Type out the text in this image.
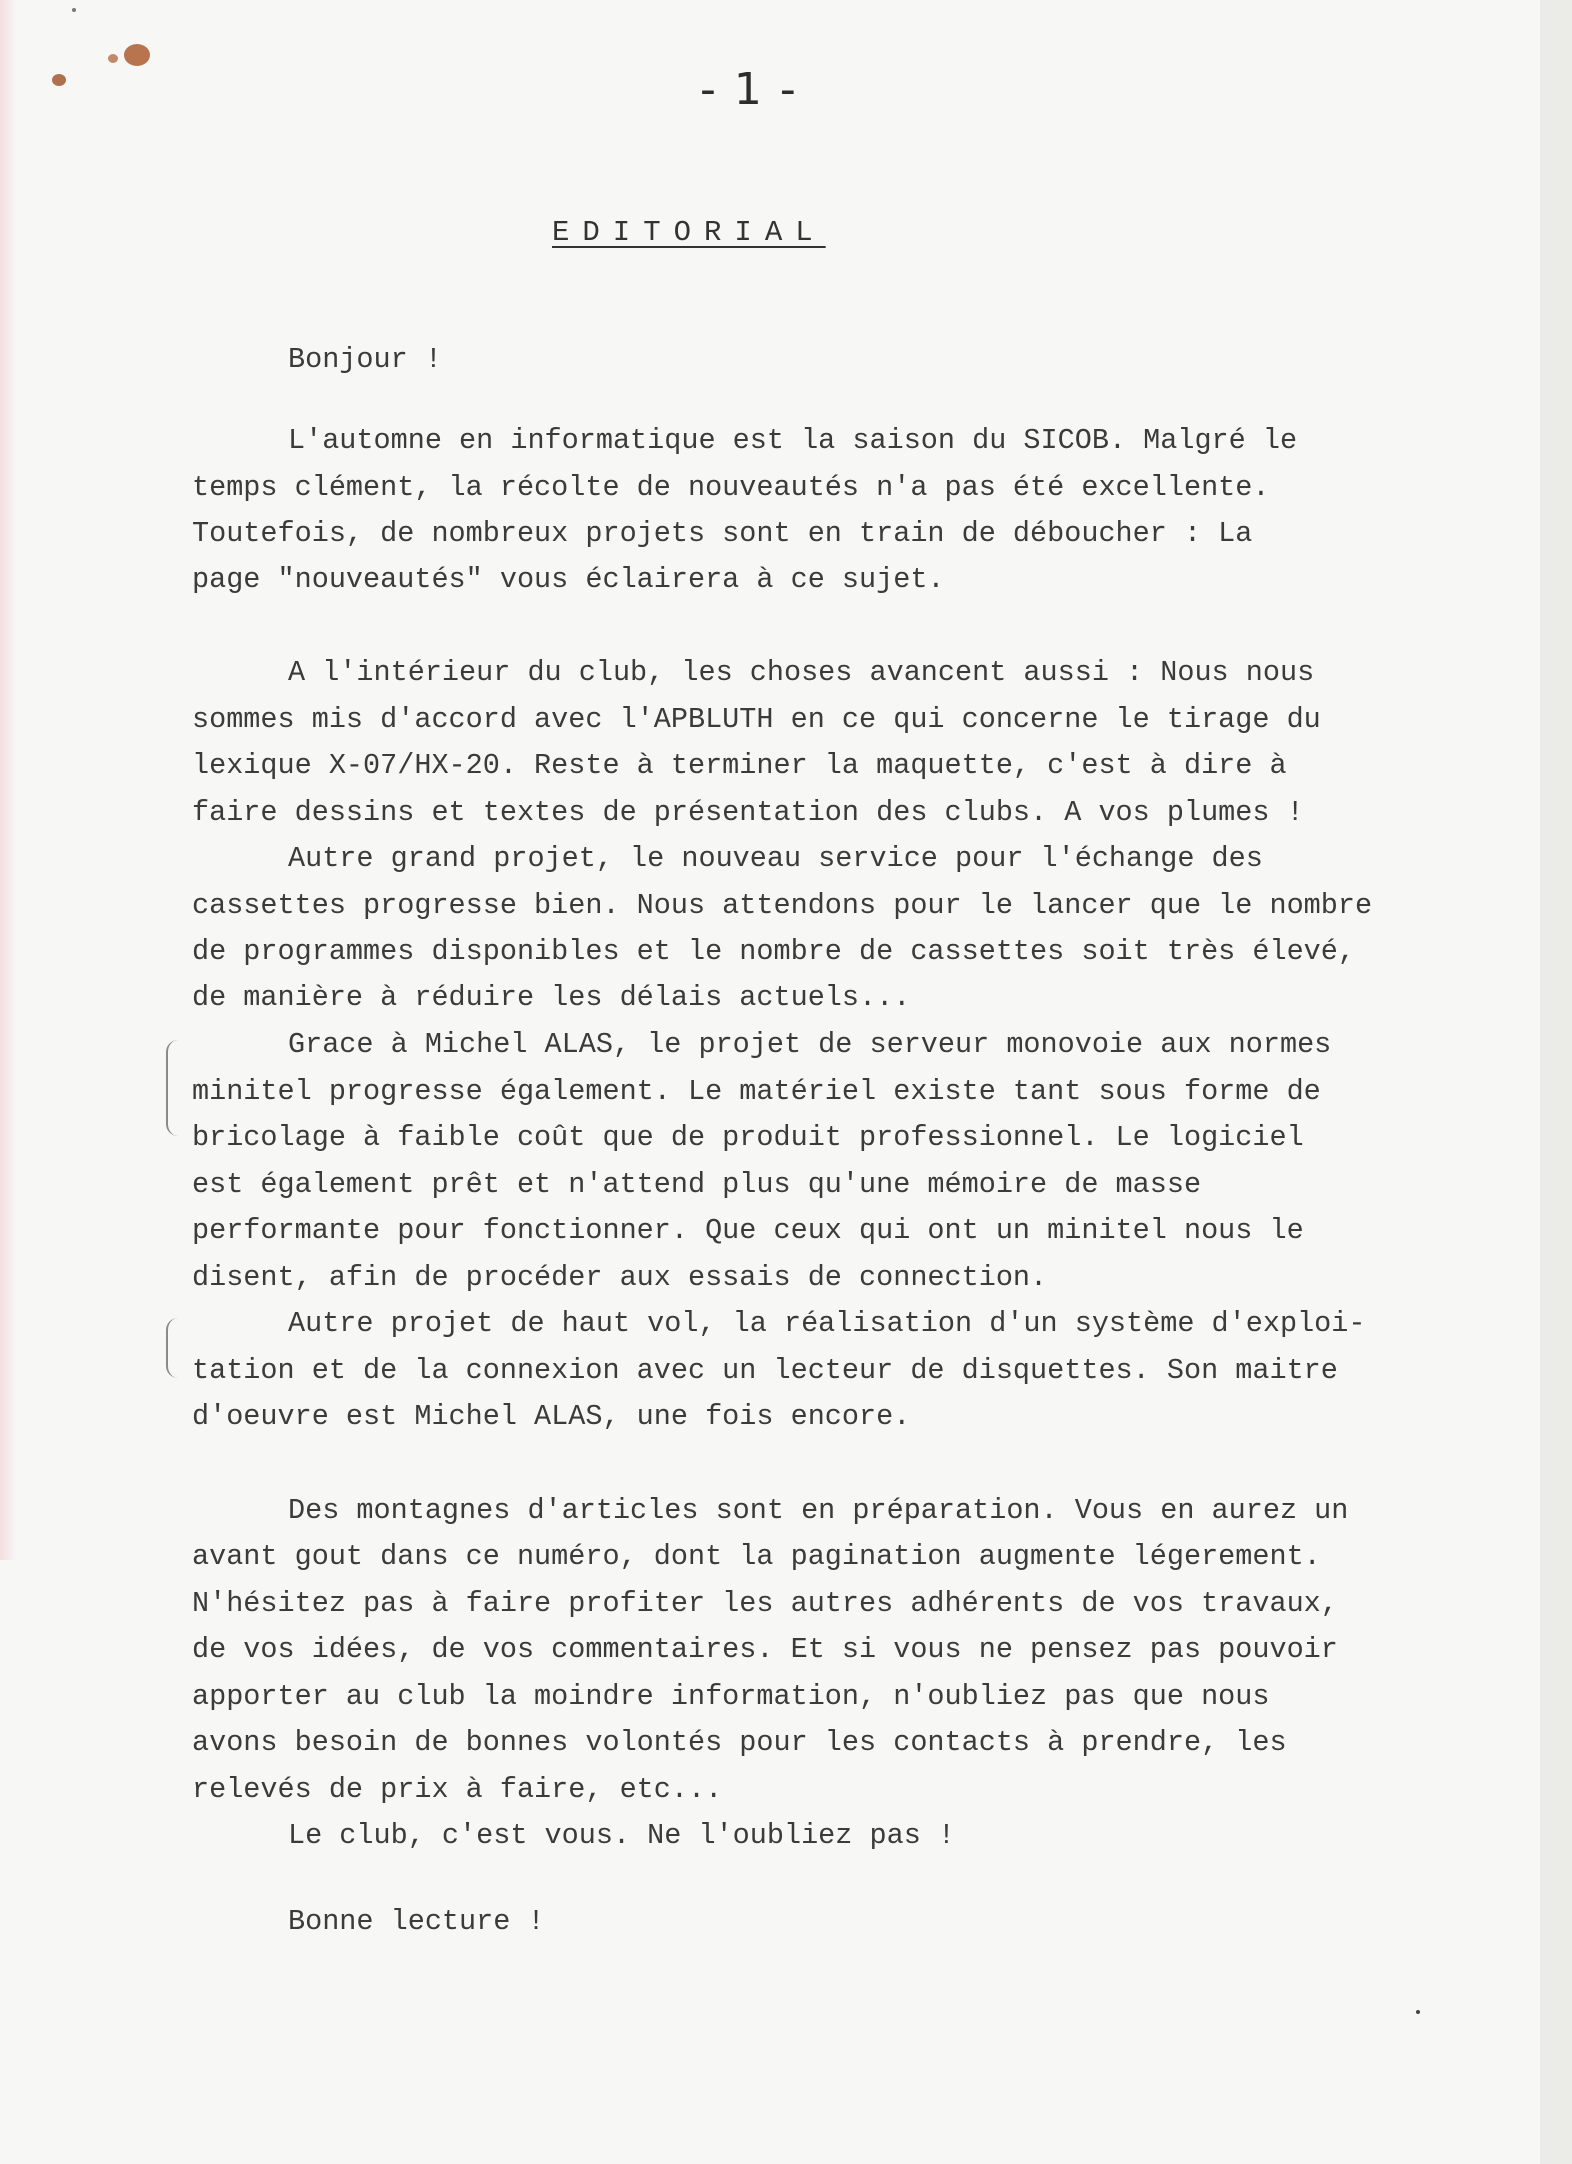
- 1 -
EDITORIAL
Bonjour !
L'automne en informatique est la saison du SICOB. Malgré le
temps clément, la récolte de nouveautés n'a pas été excellente.
Toutefois, de nombreux projets sont en train de déboucher : La
page "nouveautés" vous éclairera à ce sujet.
A l'intérieur du club, les choses avancent aussi : Nous nous
sommes mis d'accord avec l'APBLUTH en ce qui concerne le tirage du
lexique X-07/HX-20. Reste à terminer la maquette, c'est à dire à
faire dessins et textes de présentation des clubs. A vos plumes !
Autre grand projet, le nouveau service pour l'échange des
cassettes progresse bien. Nous attendons pour le lancer que le nombre
de programmes disponibles et le nombre de cassettes soit très élevé,
de manière à réduire les délais actuels...
Grace à Michel ALAS, le projet de serveur monovoie aux normes
minitel progresse également. Le matériel existe tant sous forme de
bricolage à faible coût que de produit professionnel. Le logiciel
est également prêt et n'attend plus qu'une mémoire de masse
performante pour fonctionner. Que ceux qui ont un minitel nous le
disent, afin de procéder aux essais de connection.
Autre projet de haut vol, la réalisation d'un système d'exploi-
tation et de la connexion avec un lecteur de disquettes. Son maitre
d'oeuvre est Michel ALAS, une fois encore.
Des montagnes d'articles sont en préparation. Vous en aurez un
avant gout dans ce numéro, dont la pagination augmente légerement.
N'hésitez pas à faire profiter les autres adhérents de vos travaux,
de vos idées, de vos commentaires. Et si vous ne pensez pas pouvoir
apporter au club la moindre information, n'oubliez pas que nous
avons besoin de bonnes volontés pour les contacts à prendre, les
relevés de prix à faire, etc...
Le club, c'est vous. Ne l'oubliez pas !
Bonne lecture !
